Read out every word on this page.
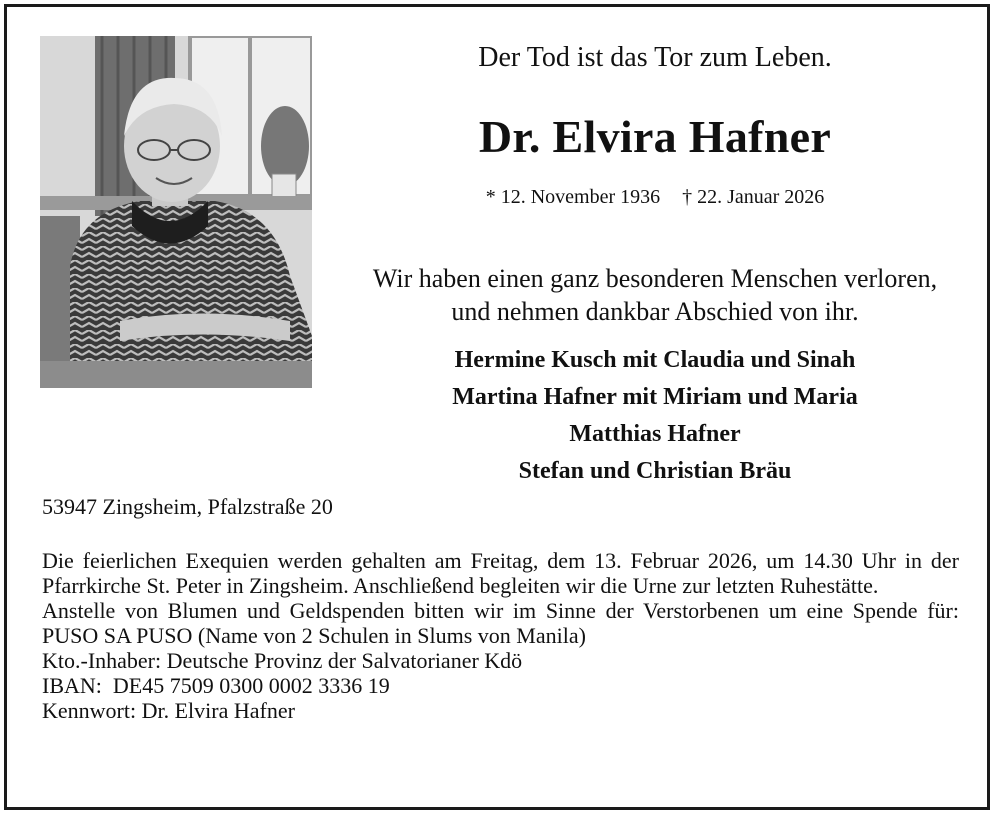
Der Tod ist das Tor zum Leben.
Dr. Elvira Hafner
* 12. November 1936 † 22. Januar 2026
Wir haben einen ganz besonderen Menschen verloren,
und nehmen dankbar Abschied von ihr.
Hermine Kusch mit Claudia und Sinah
Martina Hafner mit Miriam und Maria
Matthias Hafner
Stefan und Christian Bräu
53947 Zingsheim, Pfalzstraße 20

Die feierlichen Exequien werden gehalten am Freitag, dem 13. Februar 2026, um 14.30 Uhr in der Pfarrkirche St. Peter in Zingsheim. Anschließend begleiten wir die Urne zur letzten Ruhestätte.

Anstelle von Blumen und Geldspenden bitten wir im Sinne der Verstorbenen um eine Spende für: PUSO SA PUSO (Name von 2 Schulen in Slums von Manila)

Kto.-Inhaber: Deutsche Provinz der Salvatorianer Kdö

IBAN:  DE45 7509 0300 0002 3336 19

Kennwort: Dr. Elvira Hafner
